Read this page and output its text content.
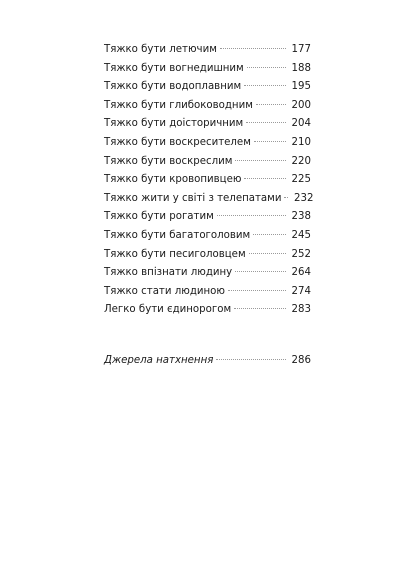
Тяжко бути летючим	177
Тяжко бути вогнедишним	188
Тяжко бути водоплавним	195
Тяжко бути глибоководним	200
Тяжко бути доісторичним	204
Тяжко бути воскресителем	210
Тяжко бути воскреслим	220
Тяжко бути кровопивцею	225
Тяжко жити у світі з телепатами 232
Тяжко бути рогатим	238
Тяжко бути багатоголовим	245
Тяжко бути песиголовцем	252
Тяжко впізнати людину	264
Тяжко стати людиною	274
Легко бути єдинорогом	283
Джерела натхнення	286
